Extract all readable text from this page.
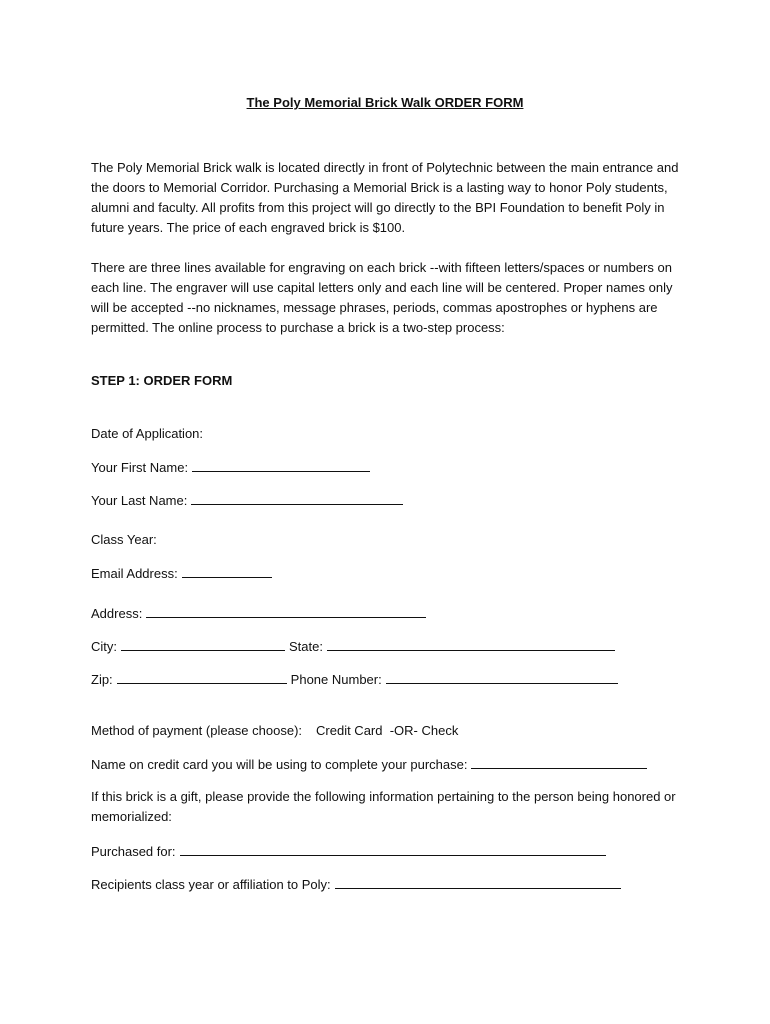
The Poly Memorial Brick Walk ORDER FORM

The Poly Memorial Brick walk is located directly in front of Polytechnic between the main entrance and the doors to Memorial Corridor. Purchasing a Memorial Brick is a lasting way to honor Poly students, alumni and faculty. All profits from this project will go directly to the BPI Foundation to benefit Poly in future years. The price of each engraved brick is $100.

There are three lines available for engraving on each brick --with fifteen letters/spaces or numbers on each line. The engraver will use capital letters only and each line will be centered. Proper names only will be accepted --no nicknames, message phrases, periods, commas apostrophes or hyphens are permitted. The online process to purchase a brick is a two-step process:

STEP 1: ORDER FORM
Date of Application:
Your First Name:
Your Last Name:
Class Year:
Email Address:
Address:
City:	State:
Zip:	Phone Number:
Method of payment (please choose): Credit Card  -OR- Check
Name on credit card you will be using to complete your purchase:

If this brick is a gift, please provide the following information pertaining to the person being honored or memorialized:

Purchased for:
Recipients class year or affiliation to Poly:
